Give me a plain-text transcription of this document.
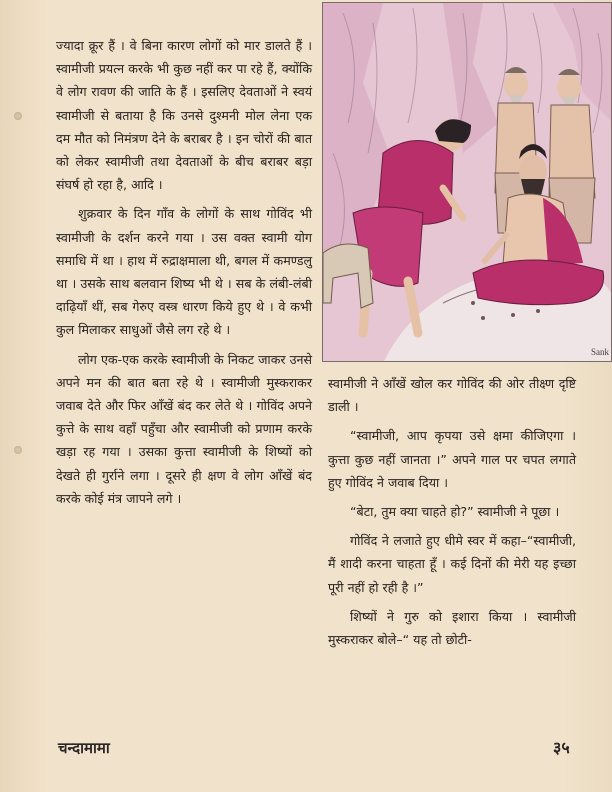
ज्यादा क्रूर हैं । वे बिना कारण लोगों को मार डालते हैं । स्वामीजी प्रयत्न करके भी कुछ नहीं कर पा रहे हैं, क्योंकि वे लोग रावण की जाति के हैं । इसलिए देवताओं ने स्वयं स्वामीजी से बताया है कि उनसे दुश्मनी मोल लेना एक दम मौत को निमंत्रण देने के बराबर है । इन चोरों की बात को लेकर स्वामीजी तथा देवताओं के बीच बराबर बड़ा संघर्ष हो रहा है, आदि ।

शुक्रवार के दिन गाँव के लोगों के साथ गोविंद भी स्वामीजी के दर्शन करने गया । उस वक्त स्वामी योग समाधि में था । हाथ में रुद्राक्षमाला थी, बगल में कमण्डलु था । उसके साथ बलवान शिष्य भी थे । सब के लंबी-लंबी दाढ़ियाँ थीं, सब गेरुए वस्त्र धारण किये हुए थे । वे कभी कुल मिलाकर साधुओं जैसे लग रहे थे ।

लोग एक-एक करके स्वामीजी के निकट जाकर उनसे अपने मन की बात बता रहे थे । स्वामीजी मुस्कराकर जवाब देते और फिर आँखें बंद कर लेते थे । गोविंद अपने कुत्ते के साथ वहाँ पहुँचा और स्वामीजी को प्रणाम करके खड़ा रह गया । उसका कुत्ता स्वामीजी के शिष्यों को देखते ही गुर्राने लगा । दूसरे ही क्षण वे लोग आँखें बंद करके कोई मंत्र जापने लगे ।

Sank

स्वामीजी ने आँखें खोल कर गोविंद की ओर तीक्ष्ण दृष्टि डाली ।

“स्वामीजी, आप कृपया उसे क्षमा कीजिएगा । कुत्ता कुछ नहीं जानता ।” अपने गाल पर चपत लगाते हुए गोविंद ने जवाब दिया ।

“बेटा, तुम क्या चाहते हो?” स्वामीजी ने पूछा ।

गोविंद ने लजाते हुए धीमे स्वर में कहा–“स्वामीजी, मैं शादी करना चाहता हूँ । कई दिनों की मेरी यह इच्छा पूरी नहीं हो रही है ।”

शिष्यों ने गुरु को इशारा किया । स्वामीजी मुस्कराकर बोले–“ यह तो छोटी-

चन्दामामा	३५
